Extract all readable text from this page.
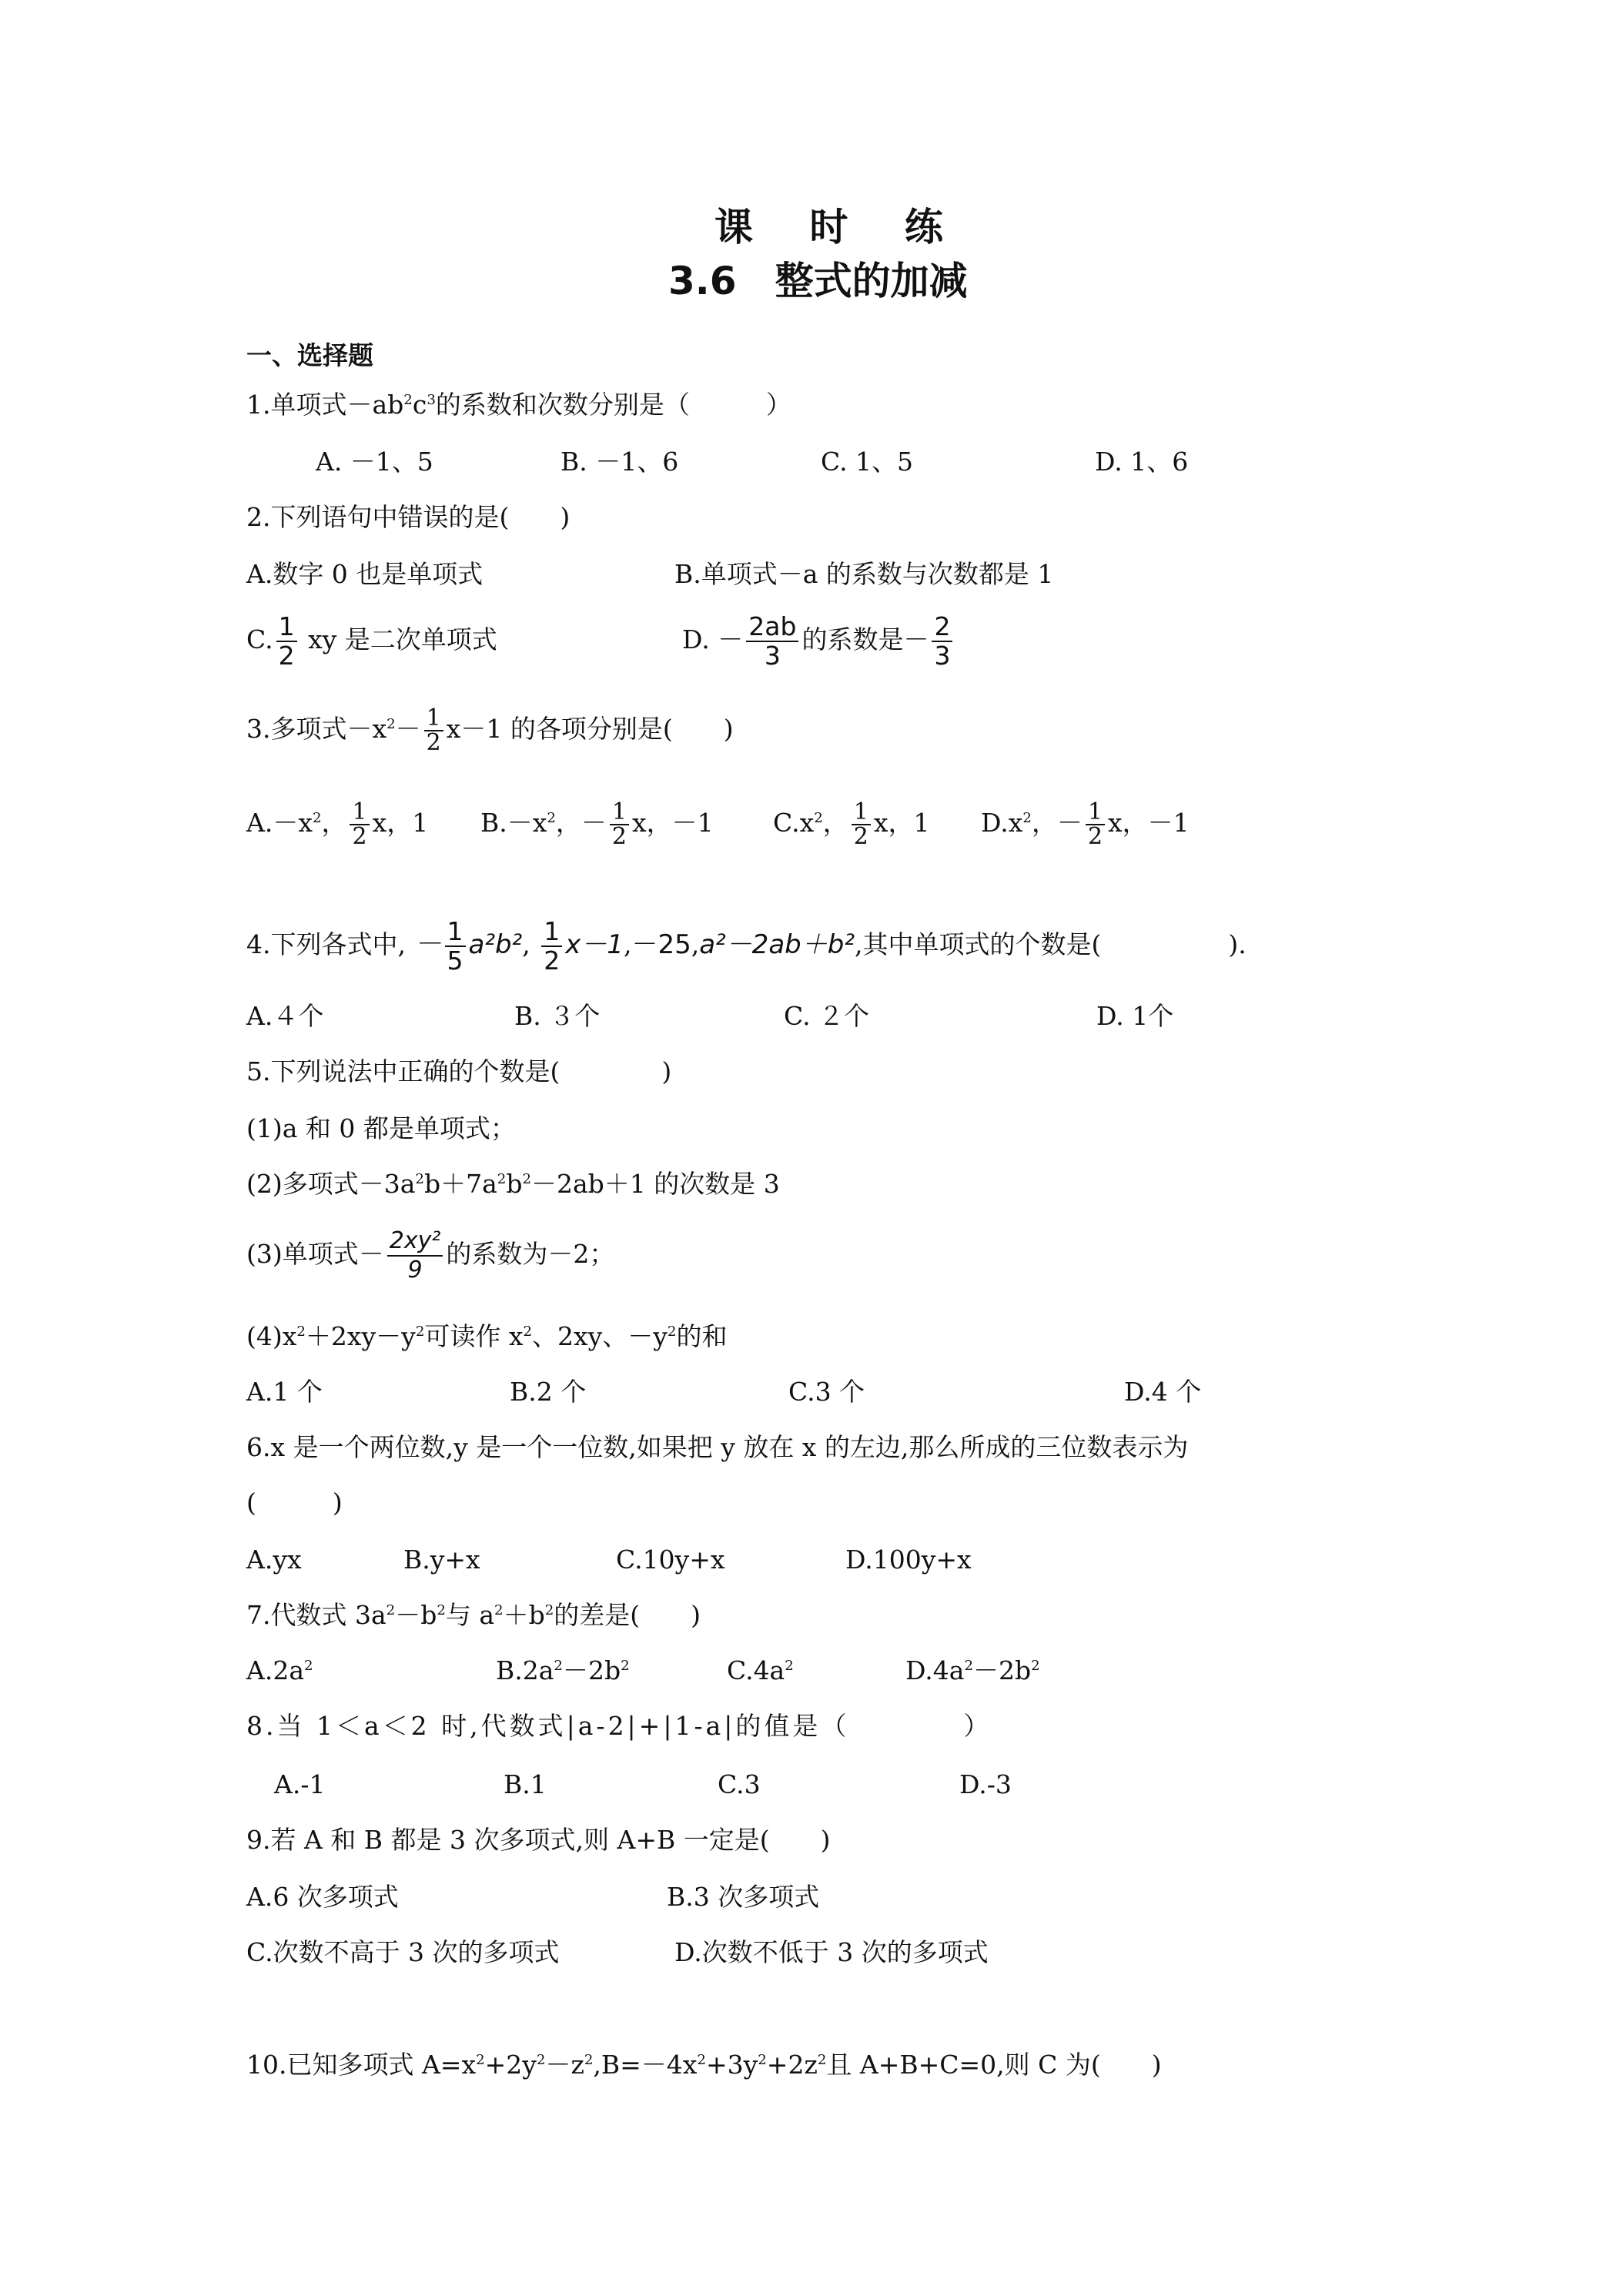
课 时 练
3.6　整式的加减
一、选择题
1.单项式$-ab^2c^3$的系数和次数分别是（　　　）
A. －1、5	B. －1、6	C. 1、5	D. 1、6
2.下列语句中错误的是(　　)
A.数字 0 也是单项式	B.单项式－a 的系数与次数都是 1
C. $\frac{1}{2}$ xy 是二次单项式	D. － $\frac{2ab}{3}$ 的系数是－ $\frac{2}{3}$
3.多项式$-x^2- \frac{1}{2} x-1$ 的各项分别是(　　)
$A.-x^2$， $\frac{1}{2}$ x，1 $B.-x^2$，－ $\frac{1}{2}$ x，－1 $C.x^2$， $\frac{1}{2}$ x，1 $D.x^2$，－ $\frac{1}{2}$ x，－1
4.下列各式中, － $\frac{1}{5} a^2b^2$, $\frac{1}{2} x-1,-25,a^2-2ab+b^2$,其中单项式的个数是(　　　　　).
A.４个	B. ３个	C. ２个	D. 1个
5.下列说法中正确的个数是(　　　　)
(1)a 和 0 都是单项式；
(2)多项式$-3a^2b+7a^2b^2-2ab+1$ 的次数是 3
(3)单项式－ $\frac{\text{2xy²}}{9}$ 的系数为－2；
$(4)x^2+2xy-y^2$可读作 $x^2$、2xy、$-y^2$的和
A.1 个	B.2 个	C.3 个	D.4 个
6.x 是一个两位数,y 是一个一位数,如果把 y 放在 x 的左边,那么所成的三位数表示为
(　　　)
A.yx	B.y+x	C.10y+x	D.100y+x
7.代数式 $3a^2-b^2$与 $a^2+b^2$的差是(　　)
$A.2a^2$	$B.2a^2-2b^2$	$C.4a^2$	$D.4a^2-2b^2$
8.当 1＜a＜2 时,代数式|a-2|+|1-a|的值是（　　　　）
A.-1	B.1	C.3	D.-3
9.若 A 和 B 都是 3 次多项式,则 A+B 一定是(　　)
A.6 次多项式	B.3 次多项式
C.次数不高于 3 次的多项式	D.次数不低于 3 次的多项式
10.已知多项式 $A=x^2+2y^2-z^2,B=-4x^2+3y^2+2z^2$且 A+B+C=0,则 C 为(　　)
